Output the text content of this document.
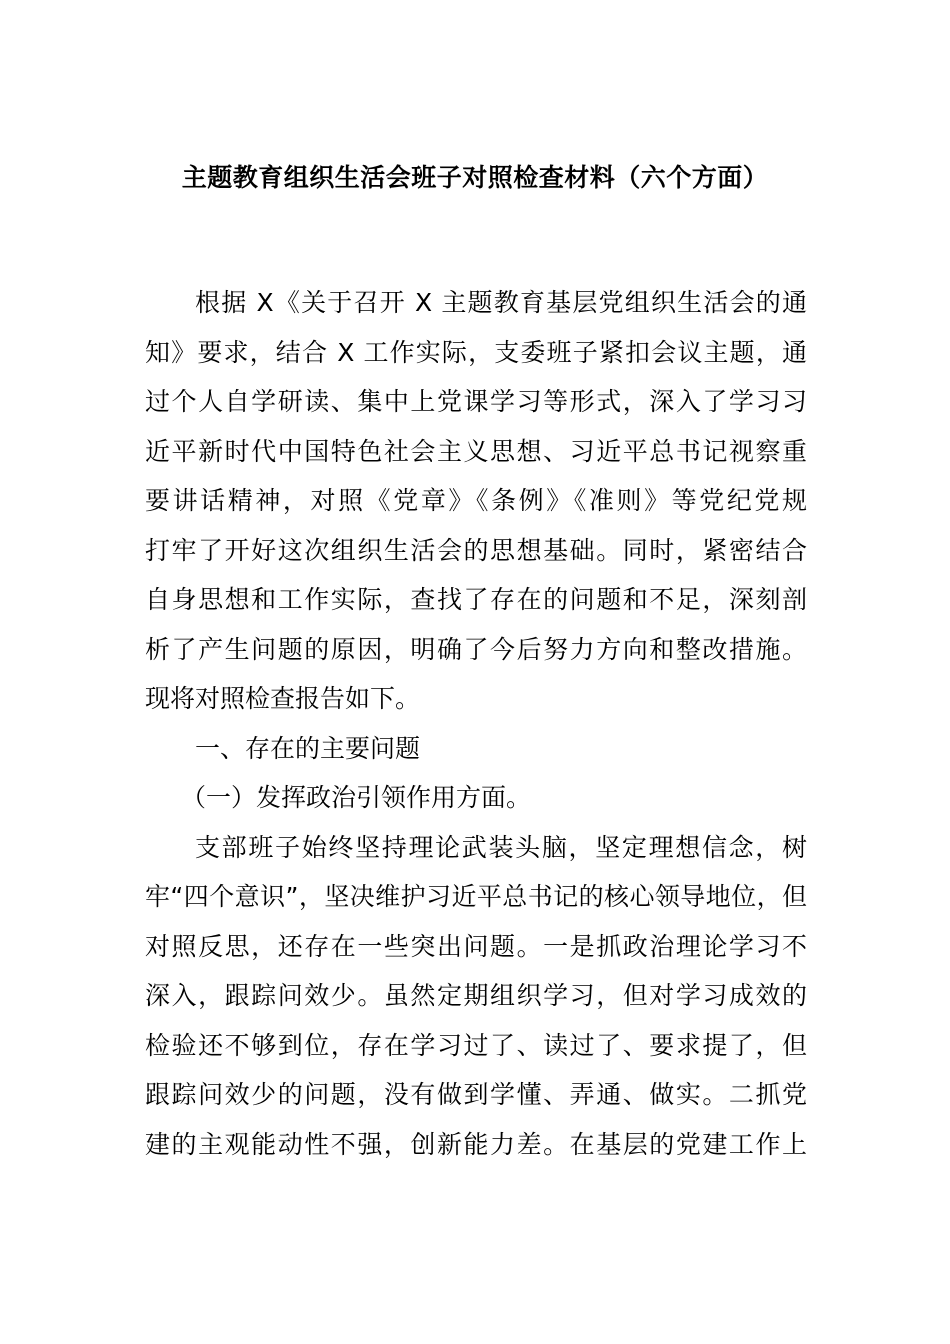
主题教育组织生活会班子对照检查材料（六个方面）
根据 X《关于召开 X 主题教育基层党组织生活会的通
知》要求，结合 X 工作实际，支委班子紧扣会议主题，通
过个人自学研读、集中上党课学习等形式，深入了学习习
近平新时代中国特色社会主义思想、习近平总书记视察重
要讲话精神，对照《党章》《条例》《准则》等党纪党规
打牢了开好这次组织生活会的思想基础。同时，紧密结合
自身思想和工作实际，查找了存在的问题和不足，深刻剖
析了产生问题的原因，明确了今后努力方向和整改措施。
现将对照检查报告如下。
一、存在的主要问题
（一）发挥政治引领作用方面。
支部班子始终坚持理论武装头脑，坚定理想信念，树
牢“四个意识”，坚决维护习近平总书记的核心领导地位，但
对照反思，还存在一些突出问题。一是抓政治理论学习不
深入，跟踪问效少。虽然定期组织学习，但对学习成效的
检验还不够到位，存在学习过了、读过了、要求提了，但
跟踪问效少的问题，没有做到学懂、弄通、做实。二抓党
建的主观能动性不强，创新能力差。在基层的党建工作上
